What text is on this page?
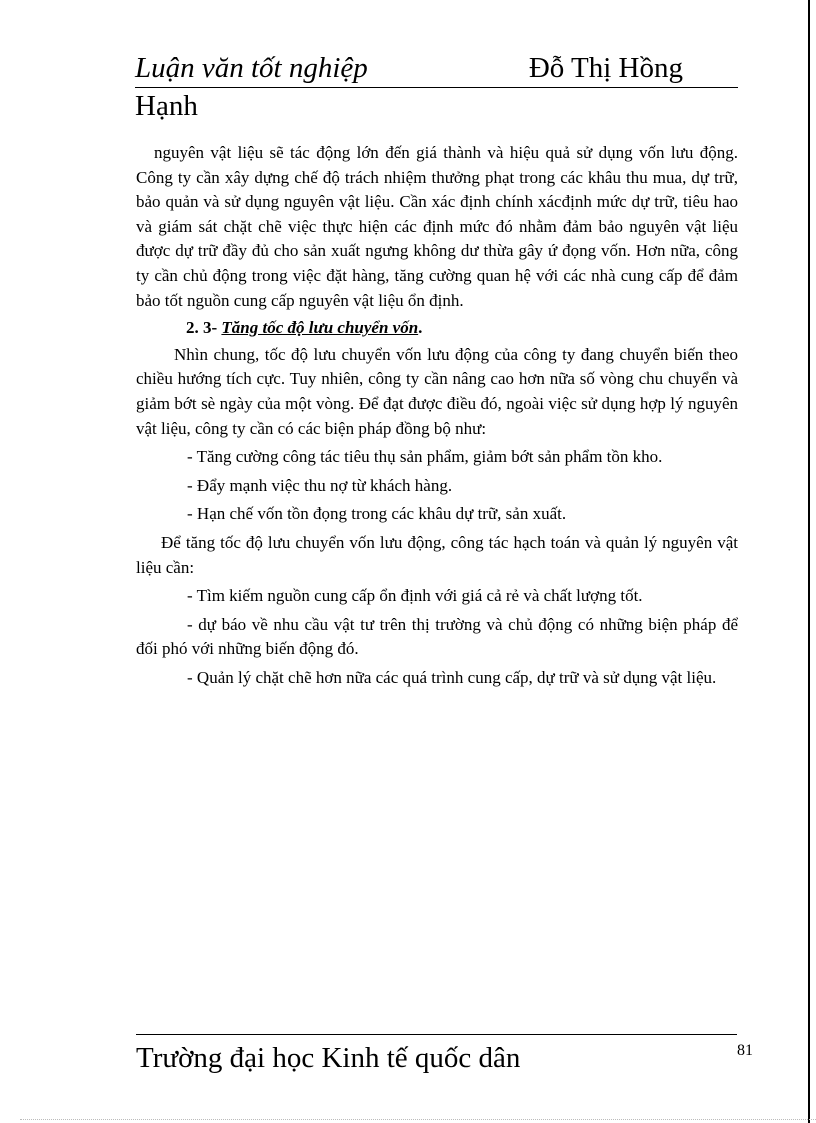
Luận văn tốt nghiệp	Đỗ Thị Hồng
Hạnh

nguyên vật liệu sẽ tác động lớn đến giá thành và hiệu quả sử dụng vốn lưu động. Công ty cần xây dựng chế độ trách nhiệm thưởng phạt trong các khâu thu mua, dự trữ, bảo quản và sử dụng nguyên vật liệu. Cần xác định chính xácđịnh mức dự trữ, tiêu hao và giám sát chặt chẽ việc thực hiện các định mức đó nhằm đảm bảo nguyên vật liệu được dự trữ đầy đủ cho sản xuất ngưng không dư thừa gây ứ đọng vốn. Hơn nữa, công ty cần chủ động trong việc đặt hàng, tăng cường quan hệ với các nhà cung cấp để đảm bảo tốt nguồn cung cấp nguyên vật liệu ổn định.

2. 3- Tăng tốc độ lưu chuyển vốn.

Nhìn chung, tốc độ lưu chuyển vốn lưu động của công ty đang chuyển biến theo chiều hướng tích cực. Tuy nhiên, công ty cần nâng cao hơn nữa số vòng chu chuyển và giảm bớt sè ngày của một vòng. Để đạt được điều đó, ngoài việc sử dụng hợp lý nguyên vật liệu, công ty cần có các biện pháp đồng bộ như:

- Tăng cường công tác tiêu thụ sản phẩm, giảm bớt sản phẩm tồn kho.

- Đẩy mạnh việc thu nợ từ khách hàng.

- Hạn chế vốn tồn đọng trong các khâu dự trữ, sản xuất.

Để tăng tốc độ lưu chuyển vốn lưu động, công tác hạch toán và quản lý nguyên vật liệu cần:

- Tìm kiếm nguồn cung cấp ổn định với giá cả rẻ và chất lượng tốt.

- dự báo về nhu cầu vật tư trên thị trường và chủ động có những biện pháp để đối phó với những biến động đó.

- Quản lý chặt chẽ hơn nữa các quá trình cung cấp, dự trữ và sử dụng vật liệu.

Trường đại học Kinh tế quốc dân	81
